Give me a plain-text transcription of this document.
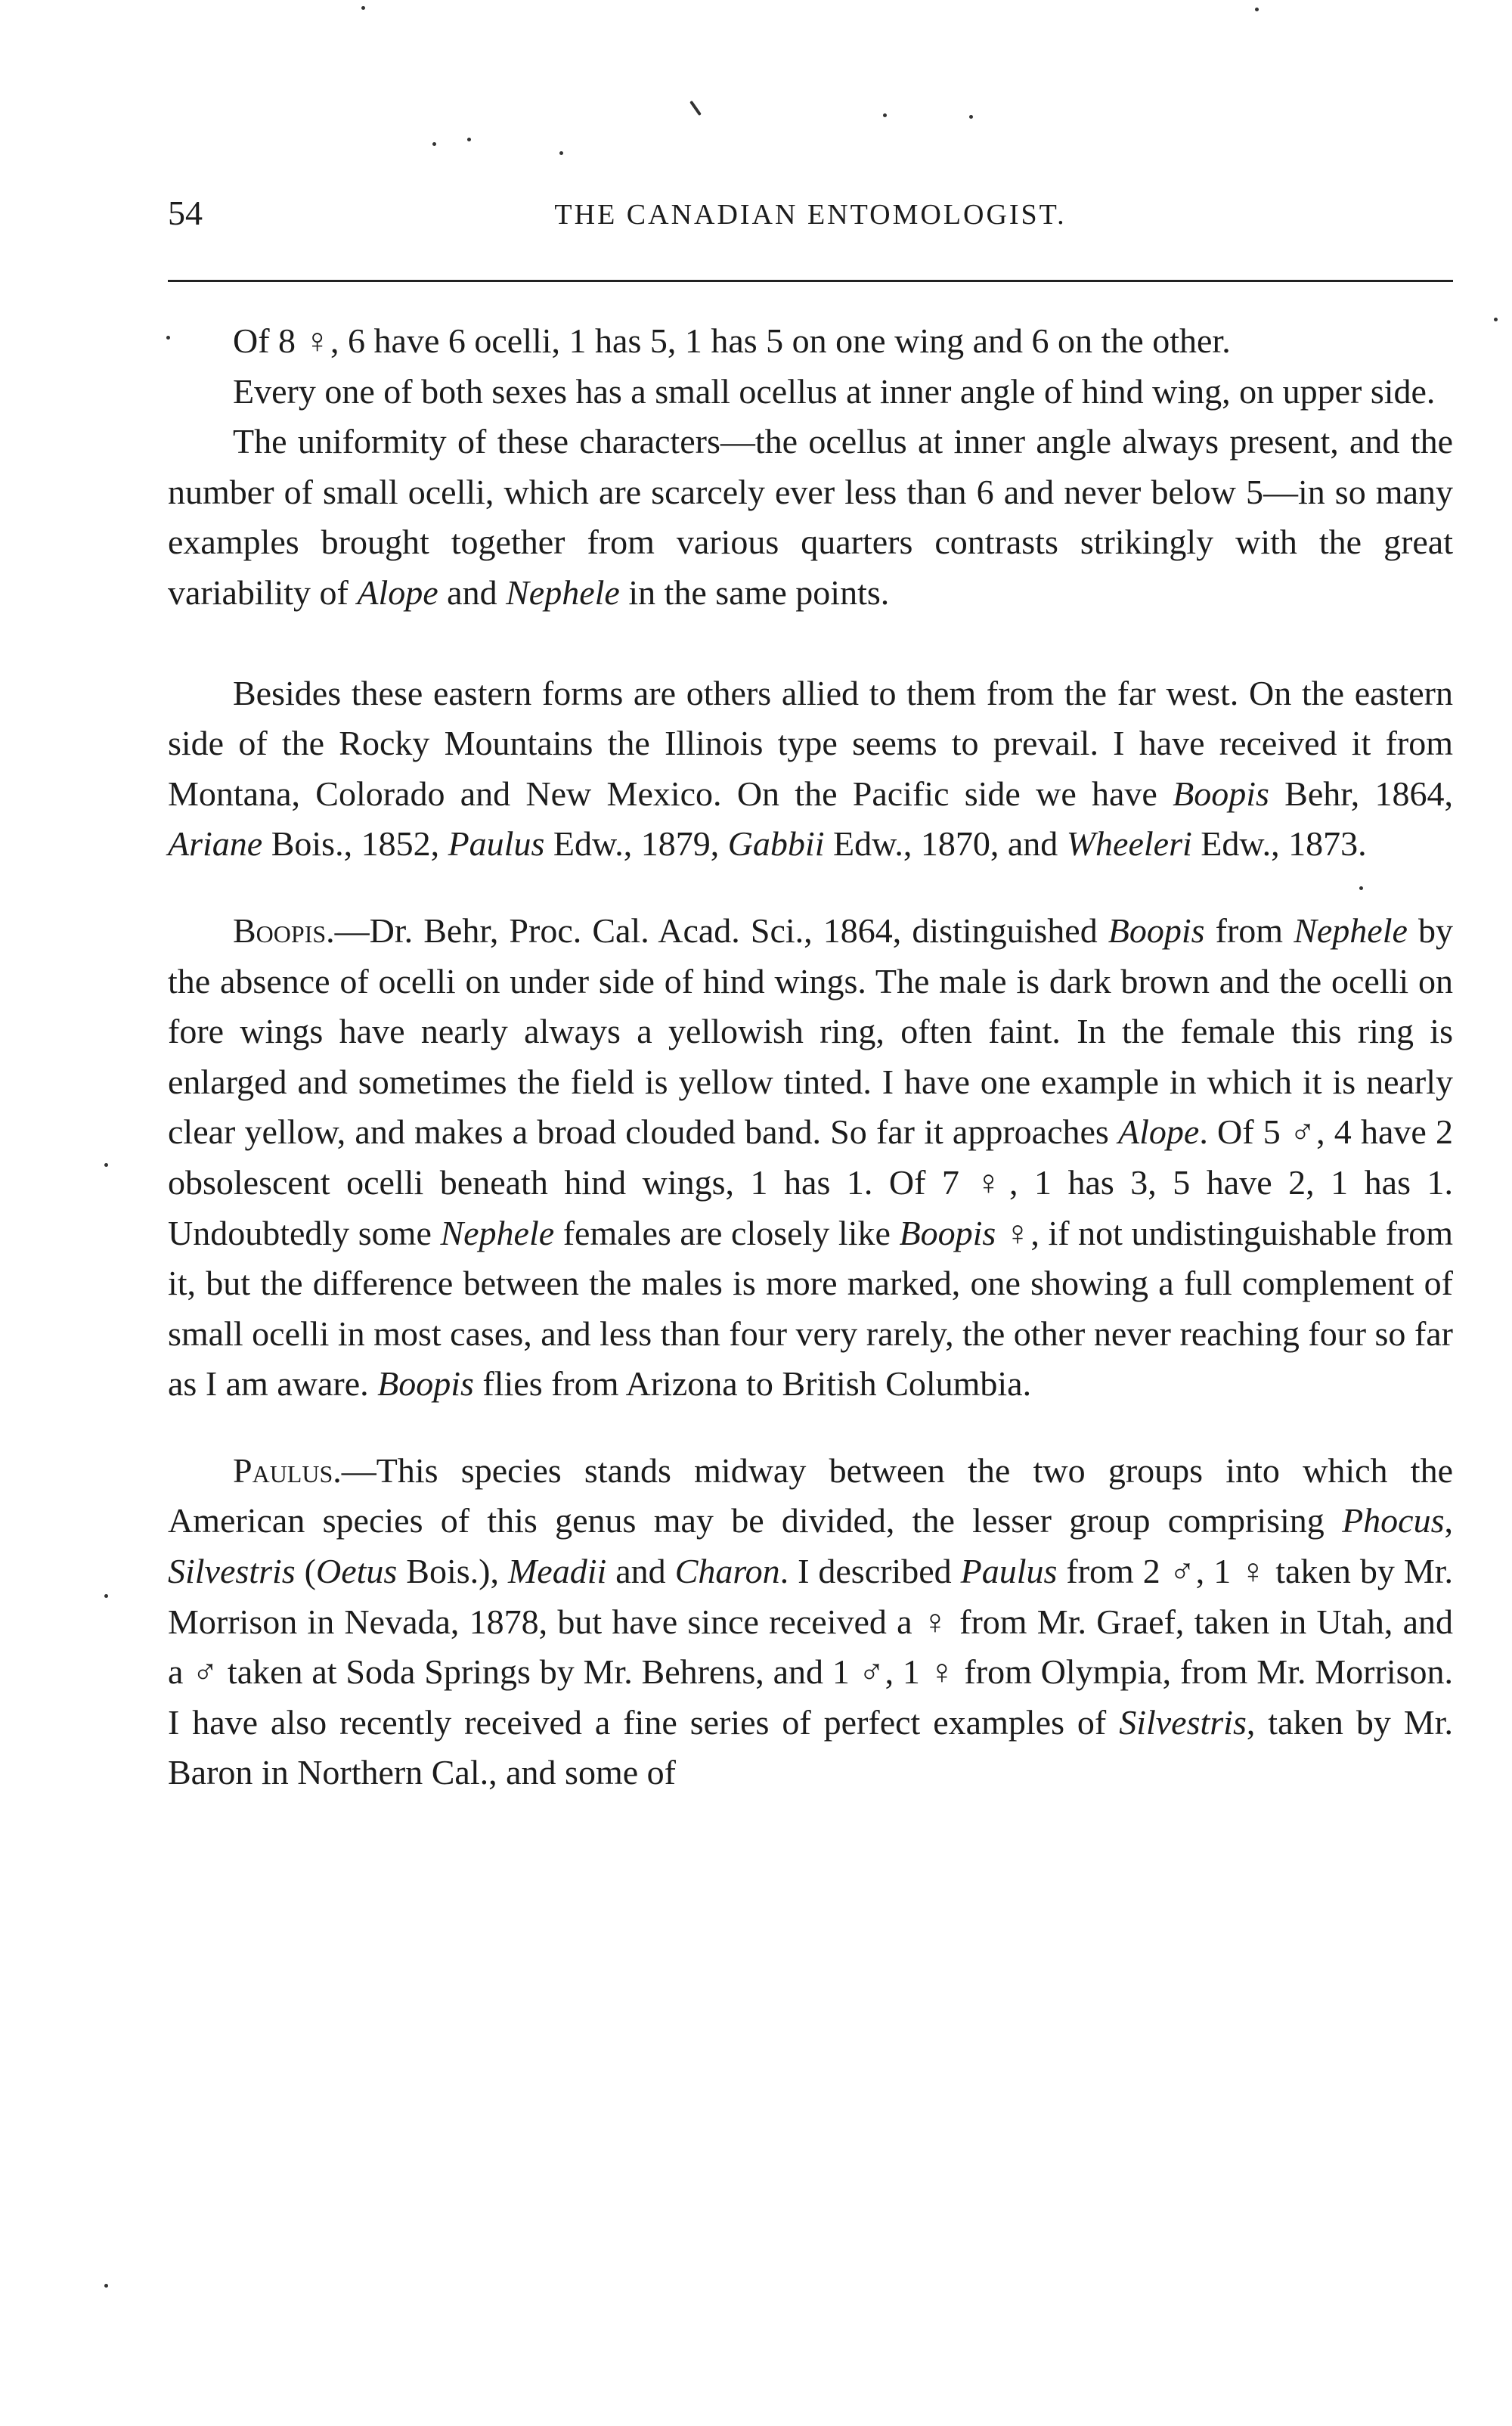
54	THE CANADIAN ENTOMOLOGIST.

Of 8 ♀, 6 have 6 ocelli, 1 has 5, 1 has 5 on one wing and 6 on the other.

Every one of both sexes has a small ocellus at inner angle of hind wing, on upper side.

The uniformity of these characters—the ocellus at inner angle always present, and the number of small ocelli, which are scarcely ever less than 6 and never below 5—in so many examples brought together from various quarters contrasts strikingly with the great variability of Alope and Nephele in the same points.

Besides these eastern forms are others allied to them from the far west. On the eastern side of the Rocky Mountains the Illinois type seems to prevail. I have received it from Montana, Colorado and New Mexico. On the Pacific side we have Boopis Behr, 1864, Ariane Bois., 1852, Paulus Edw., 1879, Gabbii Edw., 1870, and Wheeleri Edw., 1873.

Boopis.—Dr. Behr, Proc. Cal. Acad. Sci., 1864, distinguished Boopis from Nephele by the absence of ocelli on under side of hind wings. The male is dark brown and the ocelli on fore wings have nearly always a yellowish ring, often faint. In the female this ring is enlarged and sometimes the field is yellow tinted. I have one example in which it is nearly clear yellow, and makes a broad clouded band. So far it approaches Alope. Of 5 ♂, 4 have 2 obsolescent ocelli beneath hind wings, 1 has 1. Of 7 ♀, 1 has 3, 5 have 2, 1 has 1. Undoubtedly some Nephele females are closely like Boopis ♀, if not undistinguishable from it, but the difference between the males is more marked, one showing a full complement of small ocelli in most cases, and less than four very rarely, the other never reaching four so far as I am aware. Boopis flies from Arizona to British Columbia.

Paulus.—This species stands midway between the two groups into which the American species of this genus may be divided, the lesser group comprising Phocus, Silvestris (Oetus Bois.), Meadii and Charon. I described Paulus from 2 ♂, 1 ♀ taken by Mr. Morrison in Nevada, 1878, but have since received a ♀ from Mr. Graef, taken in Utah, and a ♂ taken at Soda Springs by Mr. Behrens, and 1 ♂, 1 ♀ from Olympia, from Mr. Morrison. I have also recently received a fine series of perfect examples of Silvestris, taken by Mr. Baron in Northern Cal., and some of
